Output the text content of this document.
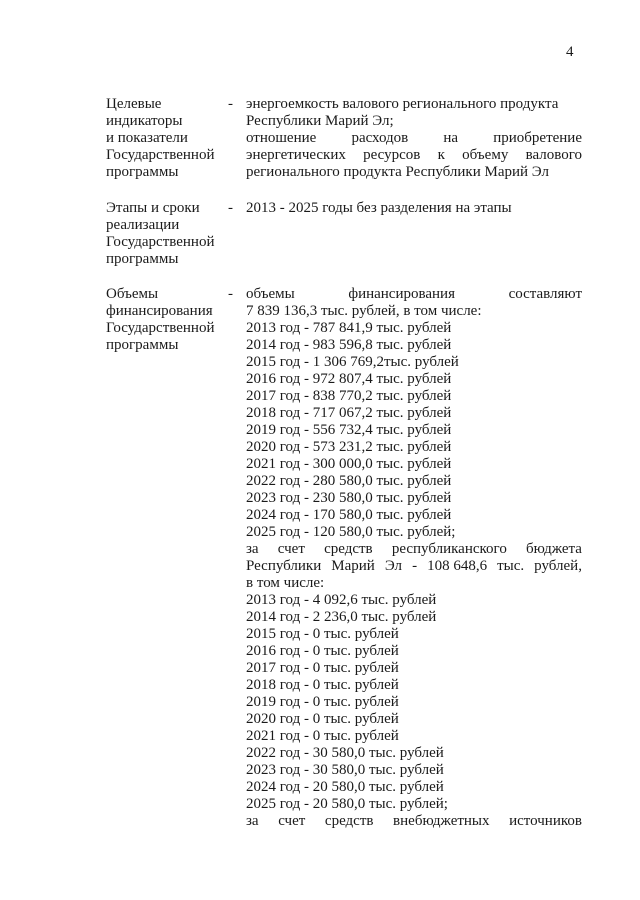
4
Целевые
индикаторы
и показатели
Государственной
программы
- энергоемкость валового регионального продукта
Республики Марий Эл;
отношение расходов на приобретение
энергетических ресурсов к объему валового
регионального продукта Республики Марий Эл
Этапы и сроки
реализации
Государственной
программы
- 2013 - 2025 годы без разделения на этапы
Объемы
финансирования
Государственной
программы
- объемы	финансирования	составляют
7 839 136,3 тыс. рублей, в том числе:
2013 год - 787 841,9 тыс. рублей
2014 год - 983 596,8 тыс. рублей
2015 год - 1 306 769,2тыс. рублей
2016 год - 972 807,4 тыс. рублей
2017 год - 838 770,2 тыс. рублей
2018 год - 717 067,2 тыс. рублей
2019 год - 556 732,4 тыс. рублей
2020 год - 573 231,2 тыс. рублей
2021 год - 300 000,0 тыс. рублей
2022 год - 280 580,0 тыс. рублей
2023 год - 230 580,0 тыс. рублей
2024 год - 170 580,0 тыс. рублей
2025 год - 120 580,0 тыс. рублей;
за счет средств республиканского бюджета
Республики Марий Эл - 108 648,6 тыс. рублей,
в том числе:
2013 год - 4 092,6 тыс. рублей
2014 год - 2 236,0 тыс. рублей
2015 год - 0 тыс. рублей
2016 год - 0 тыс. рублей
2017 год - 0 тыс. рублей
2018 год - 0 тыс. рублей
2019 год - 0 тыс. рублей
2020 год - 0 тыс. рублей
2021 год - 0 тыс. рублей
2022 год - 30 580,0 тыс. рублей
2023 год - 30 580,0 тыс. рублей
2024 год - 20 580,0 тыс. рублей
2025 год - 20 580,0 тыс. рублей;
за счет средств внебюджетных источников
